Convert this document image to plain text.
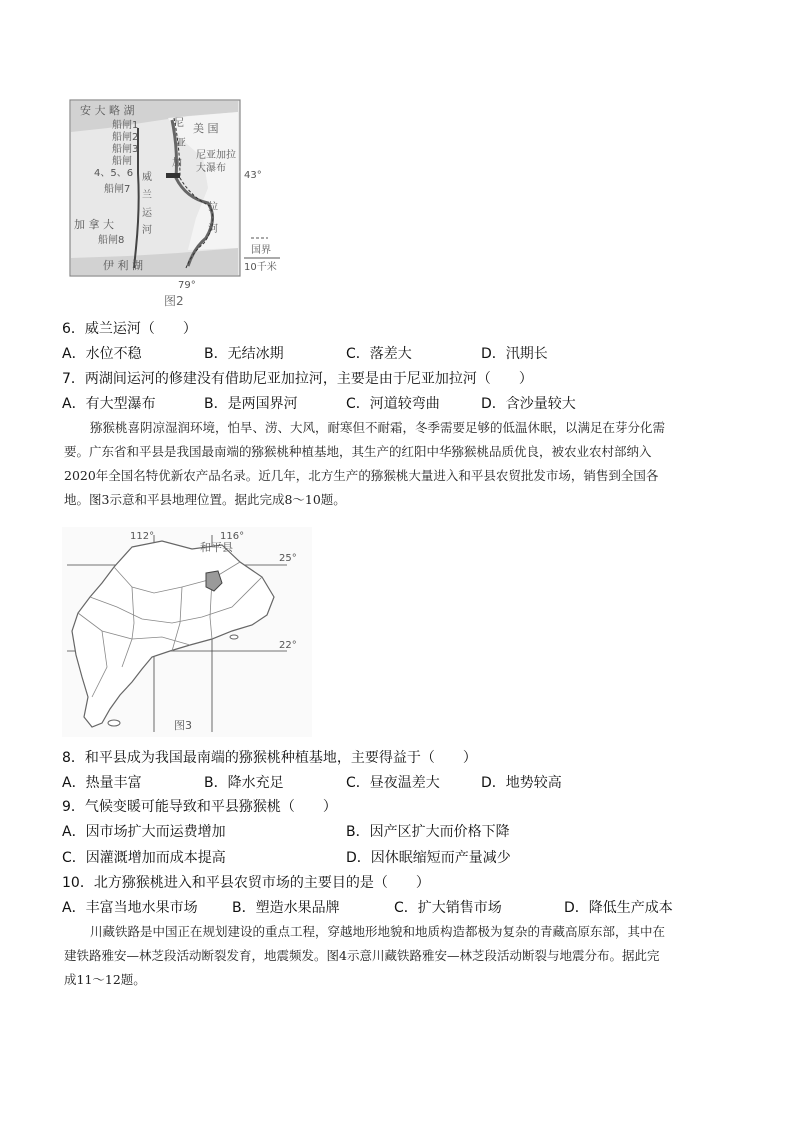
安 大 略 湖
伊 利 湖
美 国
加 拿 大
尼亚加拉
大瀑布
尼
亚
加
拉
河
威
兰
运
河
船闸1
船闸2
船闸3
船闸
4、5、6
船闸7
船闸8
43°
79°
国界
10千米
图2
6．威兰运河（　　）
A．水位不稳	B．无结冰期	C．落差大	D．汛期长
7．两湖间运河的修建没有借助尼亚加拉河，主要是由于尼亚加拉河（　　）
A．有大型瀑布	B．是两国界河	C．河道较弯曲	D．含沙量较大
猕猴桃喜阴凉湿润环境，怕旱、涝、大风，耐寒但不耐霜，冬季需要足够的低温休眠，以满足在芽分化需
要。广东省和平县是我国最南端的猕猴桃种植基地，其生产的红阳中华猕猴桃品质优良，被农业农村部纳入
2020年全国名特优新农产品名录。近几年，北方生产的猕猴桃大量进入和平县农贸批发市场，销售到全国各
地。图3示意和平县地理位置。据此完成8～10题。
112°	116°
25°
22°
和平县
图3
8．和平县成为我国最南端的猕猴桃种植基地，主要得益于（　　）
A．热量丰富	B．降水充足	C．昼夜温差大	D．地势较高
9．气候变暖可能导致和平县猕猴桃（　　）
A．因市场扩大而运费增加	B．因产区扩大而价格下降
C．因灌溉增加而成本提高	D．因休眠缩短而产量减少
10．北方猕猴桃进入和平县农贸市场的主要目的是（　　）
A．丰富当地水果市场 B．塑造水果品牌	C．扩大销售市场	D．降低生产成本
川藏铁路是中国正在规划建设的重点工程，穿越地形地貌和地质构造都极为复杂的青藏高原东部，其中在
建铁路雅安—林芝段活动断裂发育，地震频发。图4示意川藏铁路雅安—林芝段活动断裂与地震分布。据此完
成11～12题。
